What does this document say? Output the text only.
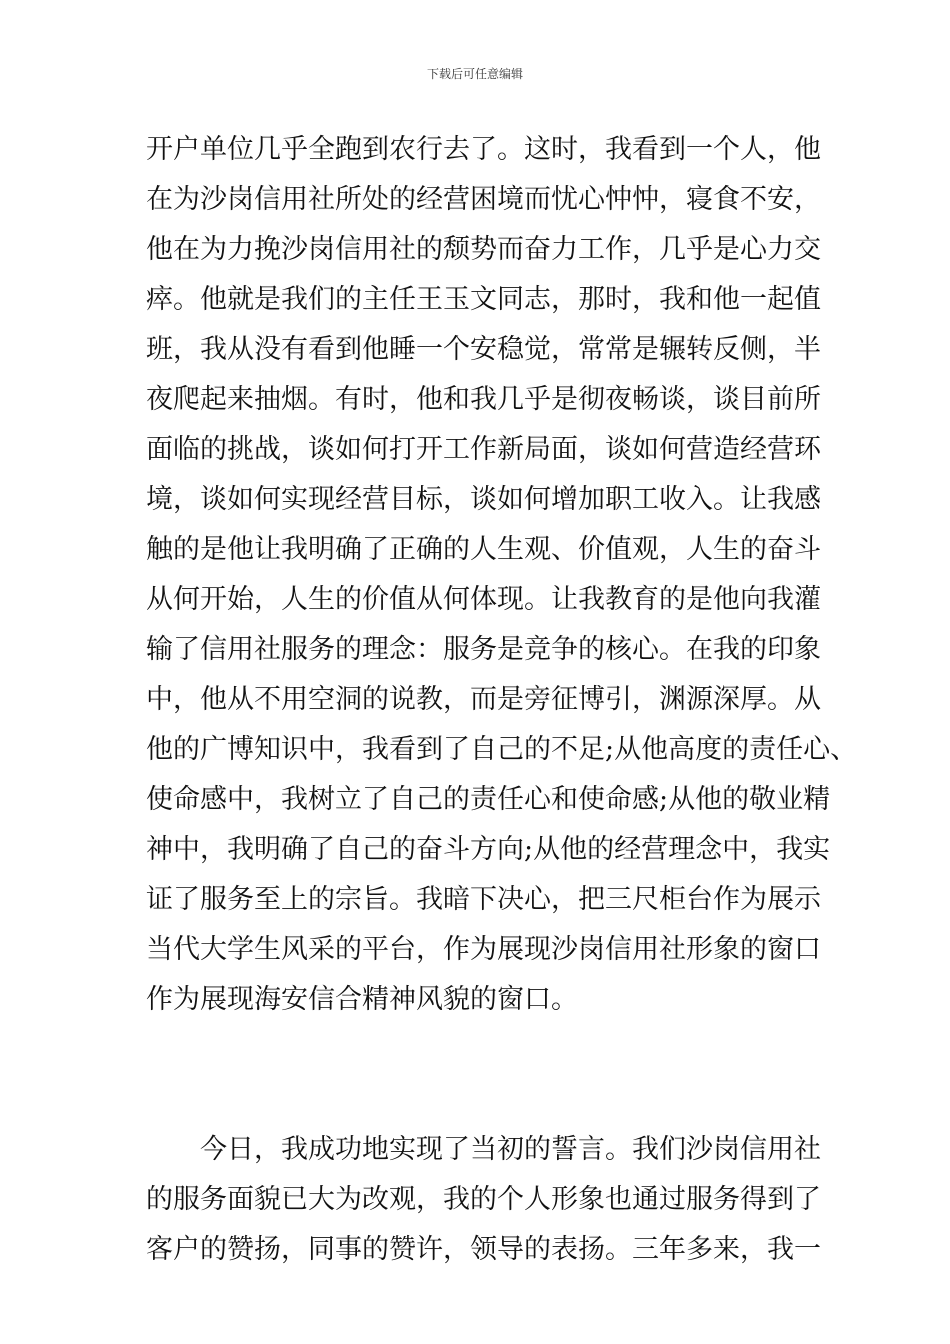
下载后可任意编辑
开户单位几乎全跑到农行去了。这时，我看到一个人，他
在为沙岗信用社所处的经营困境而忧心忡忡，寝食不安，
他在为力挽沙岗信用社的颓势而奋力工作，几乎是心力交
瘁。他就是我们的主任王玉文同志，那时，我和他一起值
班，我从没有看到他睡一个安稳觉，常常是辗转反侧，半
夜爬起来抽烟。有时，他和我几乎是彻夜畅谈，谈目前所
面临的挑战，谈如何打开工作新局面，谈如何营造经营环
境，谈如何实现经营目标，谈如何增加职工收入。让我感
触的是他让我明确了正确的人生观、价值观，人生的奋斗
从何开始，人生的价值从何体现。让我教育的是他向我灌
输了信用社服务的理念：服务是竞争的核心。在我的印象
中，他从不用空洞的说教，而是旁征博引，渊源深厚。从
他的广博知识中，我看到了自己的不足;从他高度的责任心、
使命感中，我树立了自己的责任心和使命感;从他的敬业精
神中，我明确了自己的奋斗方向;从他的经营理念中，我实
证了服务至上的宗旨。我暗下决心，把三尺柜台作为展示
当代大学生风采的平台，作为展现沙岗信用社形象的窗口
作为展现海安信合精神风貌的窗口。
今日，我成功地实现了当初的誓言。我们沙岗信用社
的服务面貌已大为改观，我的个人形象也通过服务得到了
客户的赞扬，同事的赞许，领导的表扬。三年多来，我一
